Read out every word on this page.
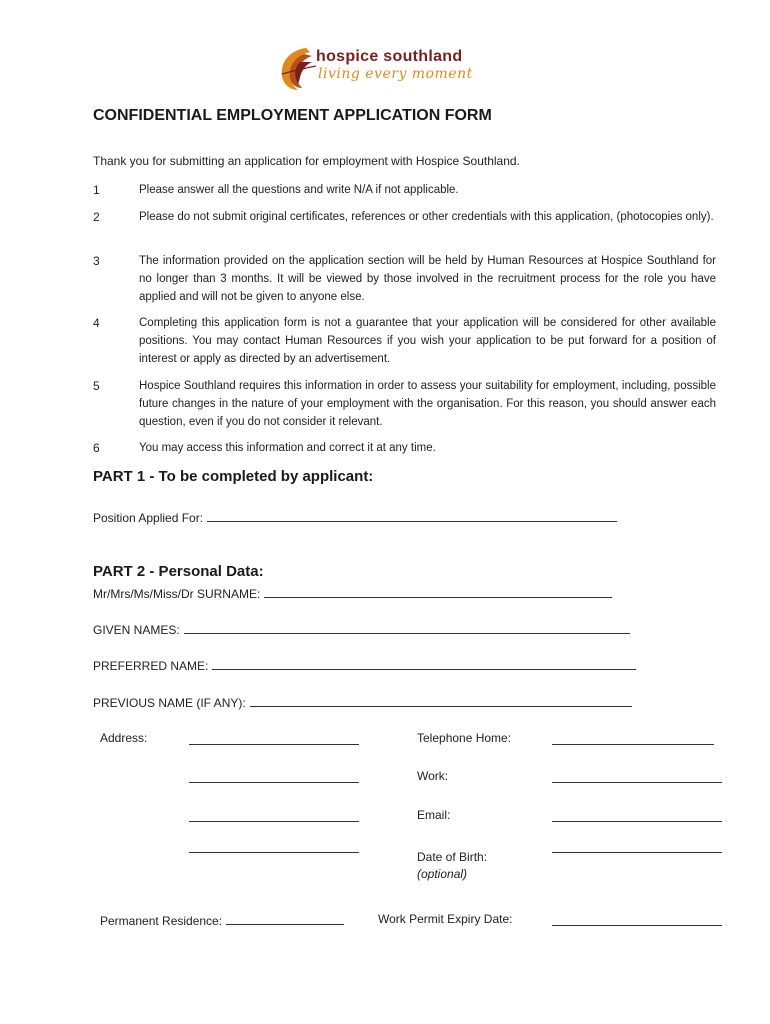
hospice southland
living every moment
CONFIDENTIAL EMPLOYMENT APPLICATION FORM
Thank you for submitting an application for employment with Hospice Southland.
1	Please answer all the questions and write N/A if not applicable.
2	Please do not submit original certificates, references or other credentials with this application, (photocopies only).
3	The information provided on the application section will be held by Human Resources at Hospice Southland for no longer than 3 months. It will be viewed by those involved in the recruitment process for the role you have applied and will not be given to anyone else.
4	Completing this application form is not a guarantee that your application will be considered for other available positions. You may contact Human Resources if you wish your application to be put forward for a position of interest or apply as directed by an advertisement.
5	Hospice Southland requires this information in order to assess your suitability for employment, including, possible future changes in the nature of your employment with the organisation. For this reason, you should answer each question, even if you do not consider it relevant.
6	You may access this information and correct it at any time.
PART 1 - To be completed by applicant:
Position Applied For:
PART 2 - Personal Data:
Mr/Mrs/Ms/Miss/Dr SURNAME:
GIVEN NAMES:
PREFERRED NAME:
PREVIOUS NAME (IF ANY):
Address:	Telephone Home:
Work:
Email:
Date of Birth:
(optional)
Permanent Residence:	Work Permit Expiry Date:
